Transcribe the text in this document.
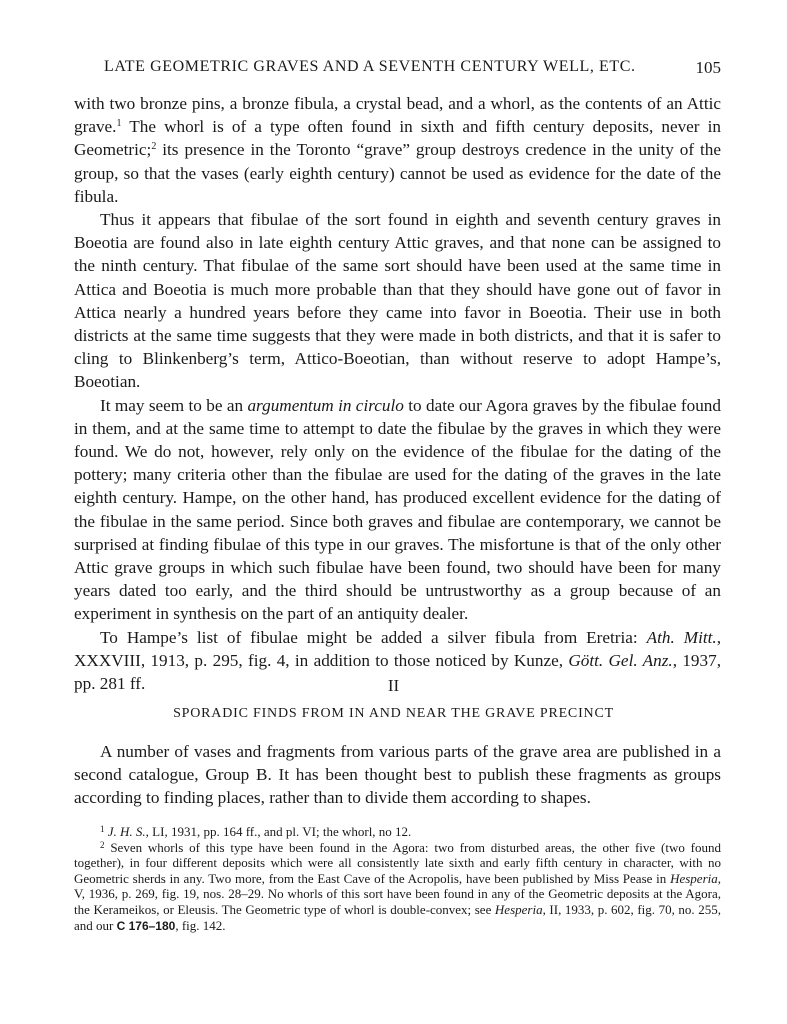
LATE GEOMETRIC GRAVES AND A SEVENTH CENTURY WELL, ETC.	105

with two bronze pins, a bronze fibula, a crystal bead, and a whorl, as the contents of an Attic grave.$^1$ The whorl is of a type often found in sixth and fifth century deposits, never in Geometric;$^2$ its presence in the Toronto “grave” group destroys credence in the unity of the group, so that the vases (early eighth century) cannot be used as evidence for the date of the fibula.

Thus it appears that fibulae of the sort found in eighth and seventh century graves in Boeotia are found also in late eighth century Attic graves, and that none can be assigned to the ninth century. That fibulae of the same sort should have been used at the same time in Attica and Boeotia is much more probable than that they should have gone out of favor in Attica nearly a hundred years before they came into favor in Boeotia. Their use in both districts at the same time suggests that they were made in both districts, and that it is safer to cling to Blinkenberg’s term, Attico-Boeotian, than without reserve to adopt Hampe’s, Boeotian.

It may seem to be an argumentum in circulo to date our Agora graves by the fibulae found in them, and at the same time to attempt to date the fibulae by the graves in which they were found. We do not, however, rely only on the evidence of the fibulae for the dating of the pottery; many criteria other than the fibulae are used for the dating of the graves in the late eighth century. Hampe, on the other hand, has produced excellent evidence for the dating of the fibulae in the same period. Since both graves and fibulae are contemporary, we cannot be surprised at finding fibulae of this type in our graves. The misfortune is that of the only other Attic grave groups in which such fibulae have been found, two should have been for many years dated too early, and the third should be untrustworthy as a group because of an experiment in synthesis on the part of an antiquity dealer.

To Hampe’s list of fibulae might be added a silver fibula from Eretria: Ath. Mitt., XXXVIII, 1913, p. 295, fig. 4, in addition to those noticed by Kunze, Gött. Gel. Anz., 1937, pp. 281 ff.	II
SPORADIC FINDS FROM IN AND NEAR THE GRAVE PRECINCT

A number of vases and fragments from various parts of the grave area are published in a second catalogue, Group B. It has been thought best to publish these fragments as groups according to finding places, rather than to divide them according to shapes.

$^1$ J. H. S., LI, 1931, pp. 164 ff., and pl. VI; the whorl, no 12.

$^2$ Seven whorls of this type have been found in the Agora: two from disturbed areas, the other five (two found together), in four different deposits which were all consistently late sixth and early fifth century in character, with no Geometric sherds in any. Two more, from the East Cave of the Acropolis, have been published by Miss Pease in Hesperia, V, 1936, p. 269, fig. 19, nos. 28–29. No whorls of this sort have been found in any of the Geometric deposits at the Agora, the Kerameikos, or Eleusis. The Geometric type of whorl is double-convex; see Hesperia, II, 1933, p. 602, fig. 70, no. 255, and our C 176–180, fig. 142.
